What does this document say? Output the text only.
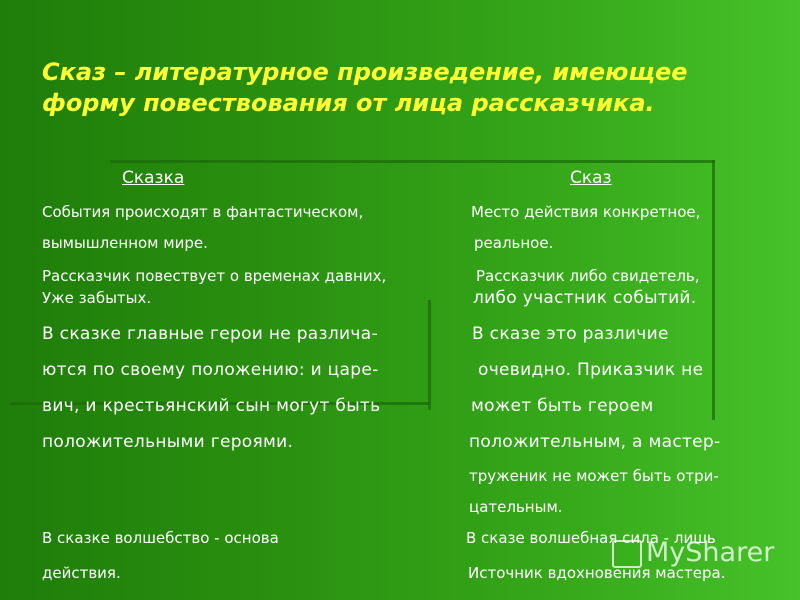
Сказ – литературное произведение, имеющее
форму повествования от лица рассказчика.
Сказка
События происходят в фантастическом,
вымышленном мире.
Рассказчик повествует о временах давних,
Уже забытых.
В сказке главные герои не различа-
ются по своему положению: и царе-
вич, и крестьянский сын могут быть
положительными героями.
В сказке волшебство - основа
действия.
Сказ
Место действия конкретное,
реальное.
Рассказчик либо свидетель,
либо участник событий.
В сказе это различие
очевидно. Приказчик не
может быть героем
положительным, а мастер-
труженик не может быть отри-
цательным.
В сказе волшебная сила - лишь
Источник вдохновения мастера.
MySharer
